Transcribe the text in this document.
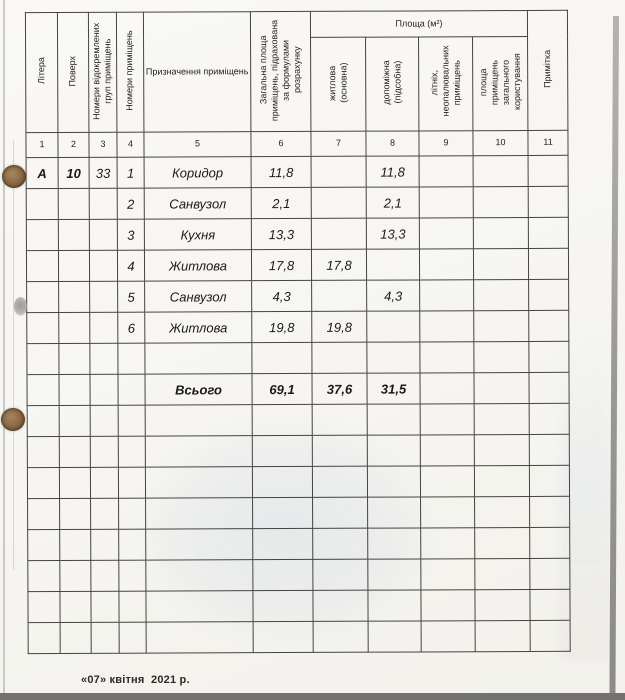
Літера	Поверх	Номери відокремлених груп приміщень	Номери приміщень	Призначення приміщень	Загальна площа приміщень, підрахована за формулами розрахунку	Площа (м²)				Примітка
						житлова (основна)	допоміжна (підсобна)	літніх, неопалювальних приміщень	площа приміщень загального користування	
1	2	3	4	5	6	7	8	9	10	11
А	10	33	1	Коридор	11,8		11,8			
			2	Санвузол	2,1		2,1			
			3	Кухня	13,3		13,3			
			4	Житлова	17,8	17,8				
			5	Санвузол	4,3		4,3			
			6	Житлова	19,8	19,8				

				Всього	69,1	37,6	31,5			

«07» квітня  2021 р.
